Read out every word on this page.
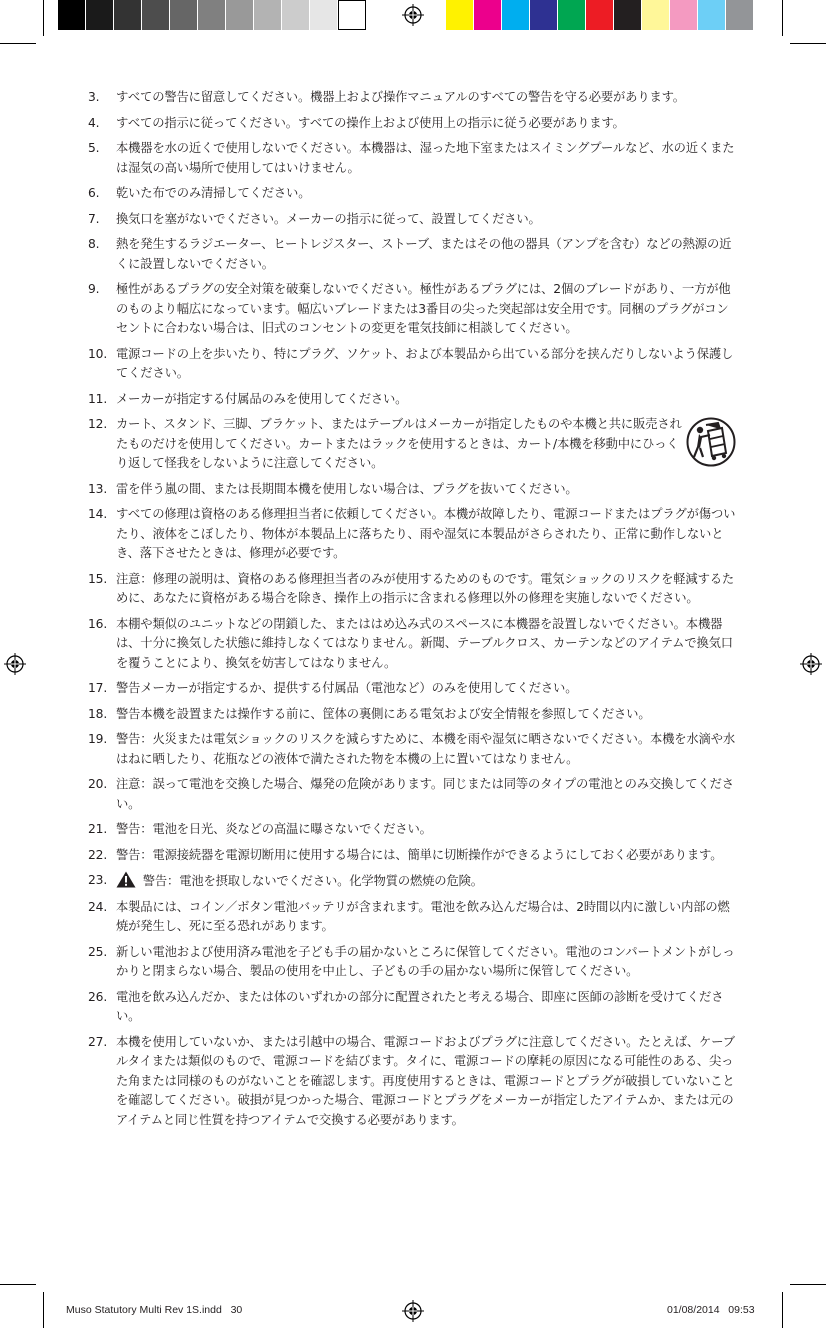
3.	すべての警告に留意してください。機器上および操作マニュアルのすべての警告を守る必要があります。
4.	すべての指示に従ってください。すべての操作上および使用上の指示に従う必要があります。
5.	本機器を水の近くで使用しないでください。本機器は、湿った地下室またはスイミングプールなど、水の近くまたは湿気の高い場所で使用してはいけません。
6.	乾いた布でのみ清掃してください。
7.	換気口を塞がないでください。メーカーの指示に従って、設置してください。
8.	熱を発生するラジエーター、ヒートレジスター、ストーブ、またはその他の器具（アンプを含む）などの熱源の近くに設置しないでください。
9.	極性があるプラグの安全対策を破棄しないでください。極性があるプラグには、2個のブレードがあり、一方が他のものより幅広になっています。幅広いブレードまたは3番目の尖った突起部は安全用です。同梱のプラグがコンセントに合わない場合は、旧式のコンセントの変更を電気技師に相談してください。
10. 電源コードの上を歩いたり、特にプラグ、ソケット、および本製品から出ている部分を挟んだりしないよう保護してください。
11. メーカーが指定する付属品のみを使用してください。
12. カート、スタンド、三脚、ブラケット、またはテーブルはメーカーが指定したものや本機と共に販売されたものだけを使用してください。カートまたはラックを使用するときは、カート/本機を移動中にひっくり返して怪我をしないように注意してください。
13. 雷を伴う嵐の間、または長期間本機を使用しない場合は、プラグを抜いてください。
14. すべての修理は資格のある修理担当者に依頼してください。本機が故障したり、電源コードまたはプラグが傷ついたり、液体をこぼしたり、物体が本製品上に落ちたり、雨や湿気に本製品がさらされたり、正常に動作しないとき、落下させたときは、修理が必要です。
15. 注意：修理の説明は、資格のある修理担当者のみが使用するためのものです。電気ショックのリスクを軽減するために、あなたに資格がある場合を除き、操作上の指示に含まれる修理以外の修理を実施しないでください。
16. 本棚や類似のユニットなどの閉鎖した、またははめ込み式のスペースに本機器を設置しないでください。本機器は、十分に換気した状態に維持しなくてはなりません。新聞、テーブルクロス、カーテンなどのアイテムで換気口を覆うことにより、換気を妨害してはなりません。
17. 警告メーカーが指定するか、提供する付属品（電池など）のみを使用してください。
18. 警告本機を設置または操作する前に、筐体の裏側にある電気および安全情報を参照してください。
19. 警告：火災または電気ショックのリスクを減らすために、本機を雨や湿気に晒さないでください。本機を水滴や水はねに晒したり、花瓶などの液体で満たされた物を本機の上に置いてはなりません。
20. 注意：誤って電池を交換した場合、爆発の危険があります。同じまたは同等のタイプの電池とのみ交換してください。
21. 警告：電池を日光、炎などの高温に曝さないでください。
22. 警告：電源接続器を電源切断用に使用する場合には、簡単に切断操作ができるようにしておく必要があります。
23.	警告：電池を摂取しないでください。化学物質の燃焼の危険。
24. 本製品には、コイン／ボタン電池バッテリが含まれます。電池を飲み込んだ場合は、2時間以内に激しい内部の燃焼が発生し、死に至る恐れがあります。
25. 新しい電池および使用済み電池を子ども手の届かないところに保管してください。電池のコンパートメントがしっかりと閉まらない場合、製品の使用を中止し、子どもの手の届かない場所に保管してください。
26. 電池を飲み込んだか、または体のいずれかの部分に配置されたと考える場合、即座に医師の診断を受けてください。
27. 本機を使用していないか、または引越中の場合、電源コードおよびプラグに注意してください。たとえば、ケーブルタイまたは類似のもので、電源コードを結びます。タイに、電源コードの摩耗の原因になる可能性のある、尖った角または同様のものがないことを確認します。再度使用するときは、電源コードとプラグが破損していないことを確認してください。破損が見つかった場合、電源コードとプラグをメーカーが指定したアイテムか、または元のアイテムと同じ性質を持つアイテムで交換する必要があります。
Muso Statutory Multi Rev 1S.indd   30	01/08/2014   09:53
